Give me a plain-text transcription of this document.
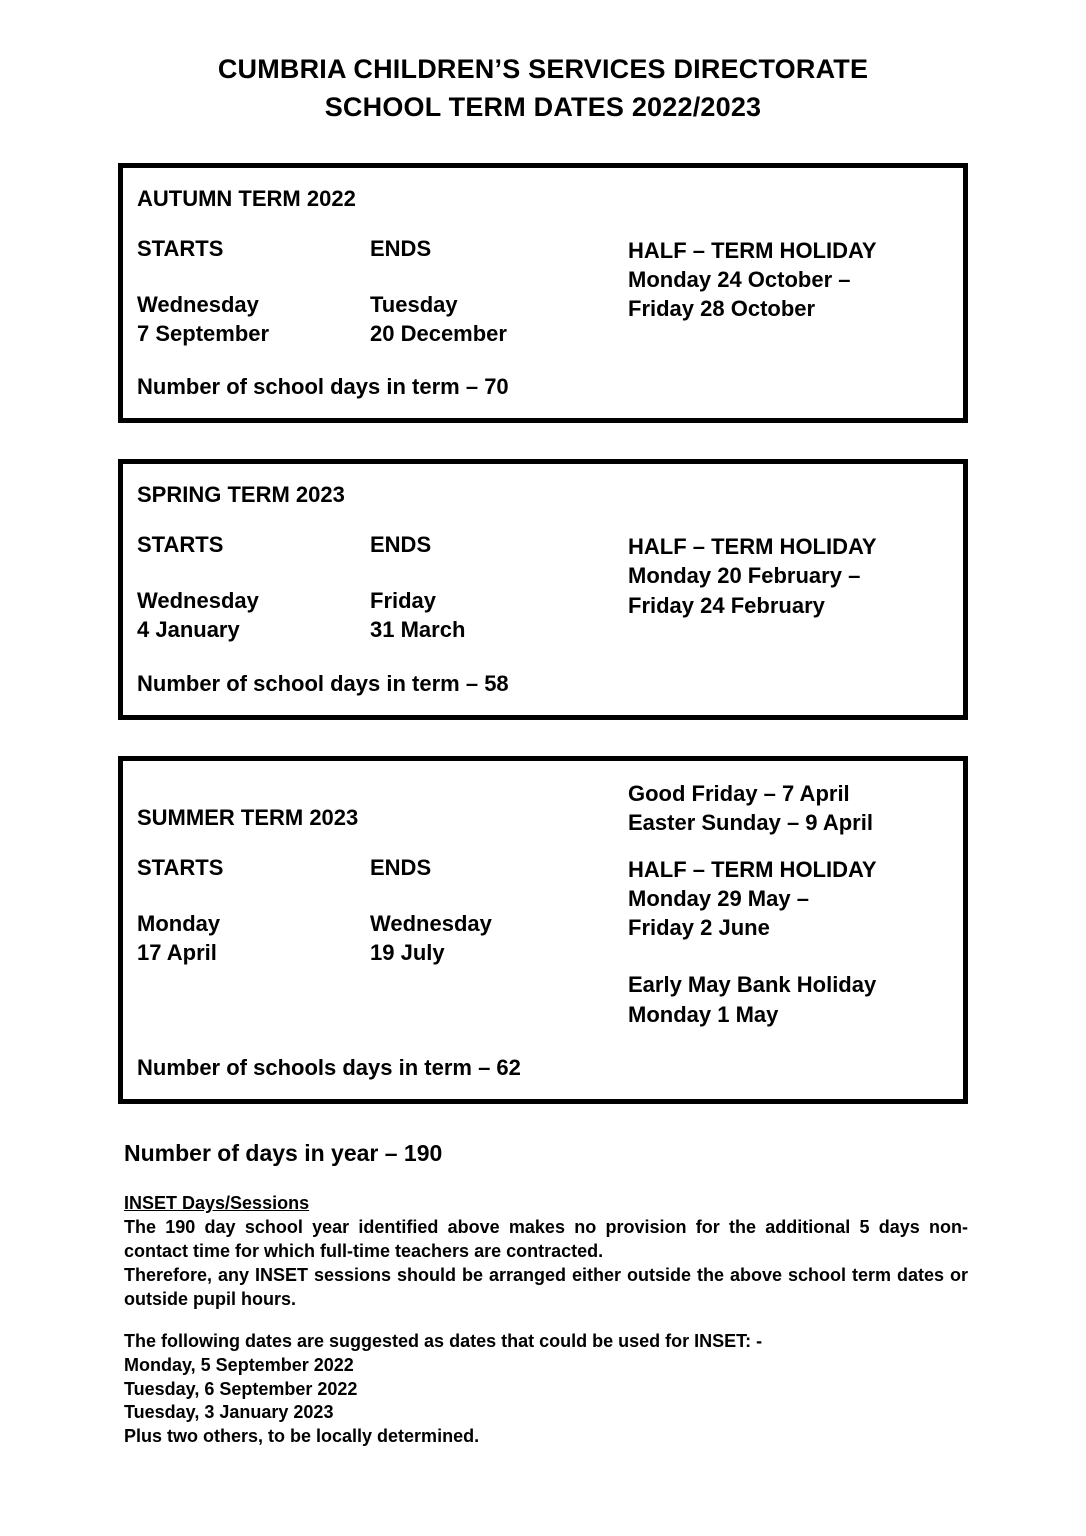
CUMBRIA CHILDREN’S SERVICES DIRECTORATE
SCHOOL TERM DATES 2022/2023
AUTUMN TERM 2022
STARTS
Wednesday
7 September
ENDS
Tuesday
20 December
HALF – TERM HOLIDAY
Monday 24 October –
Friday 28 October
Number of school days in term – 70
SPRING TERM 2023
STARTS
Wednesday
4 January
ENDS
Friday
31 March
HALF – TERM HOLIDAY
Monday 20 February –
Friday 24 February
Number of school days in term – 58
SUMMER TERM 2023
Good Friday – 7 April
Easter Sunday – 9 April
STARTS
Monday
17 April
ENDS
Wednesday
19 July
HALF – TERM HOLIDAY
Monday 29 May –
Friday 2 June
Early May Bank Holiday
Monday 1 May
Number of schools days in term – 62
Number of days in year – 190
INSET Days/Sessions

The 190 day school year identified above makes no provision for the additional 5 days non-contact time for which full-time teachers are contracted.

Therefore, any INSET sessions should be arranged either outside the above school term dates or outside pupil hours.

The following dates are suggested as dates that could be used for INSET: -
Monday, 5 September 2022
Tuesday, 6 September 2022
Tuesday, 3 January 2023
Plus two others, to be locally determined.
